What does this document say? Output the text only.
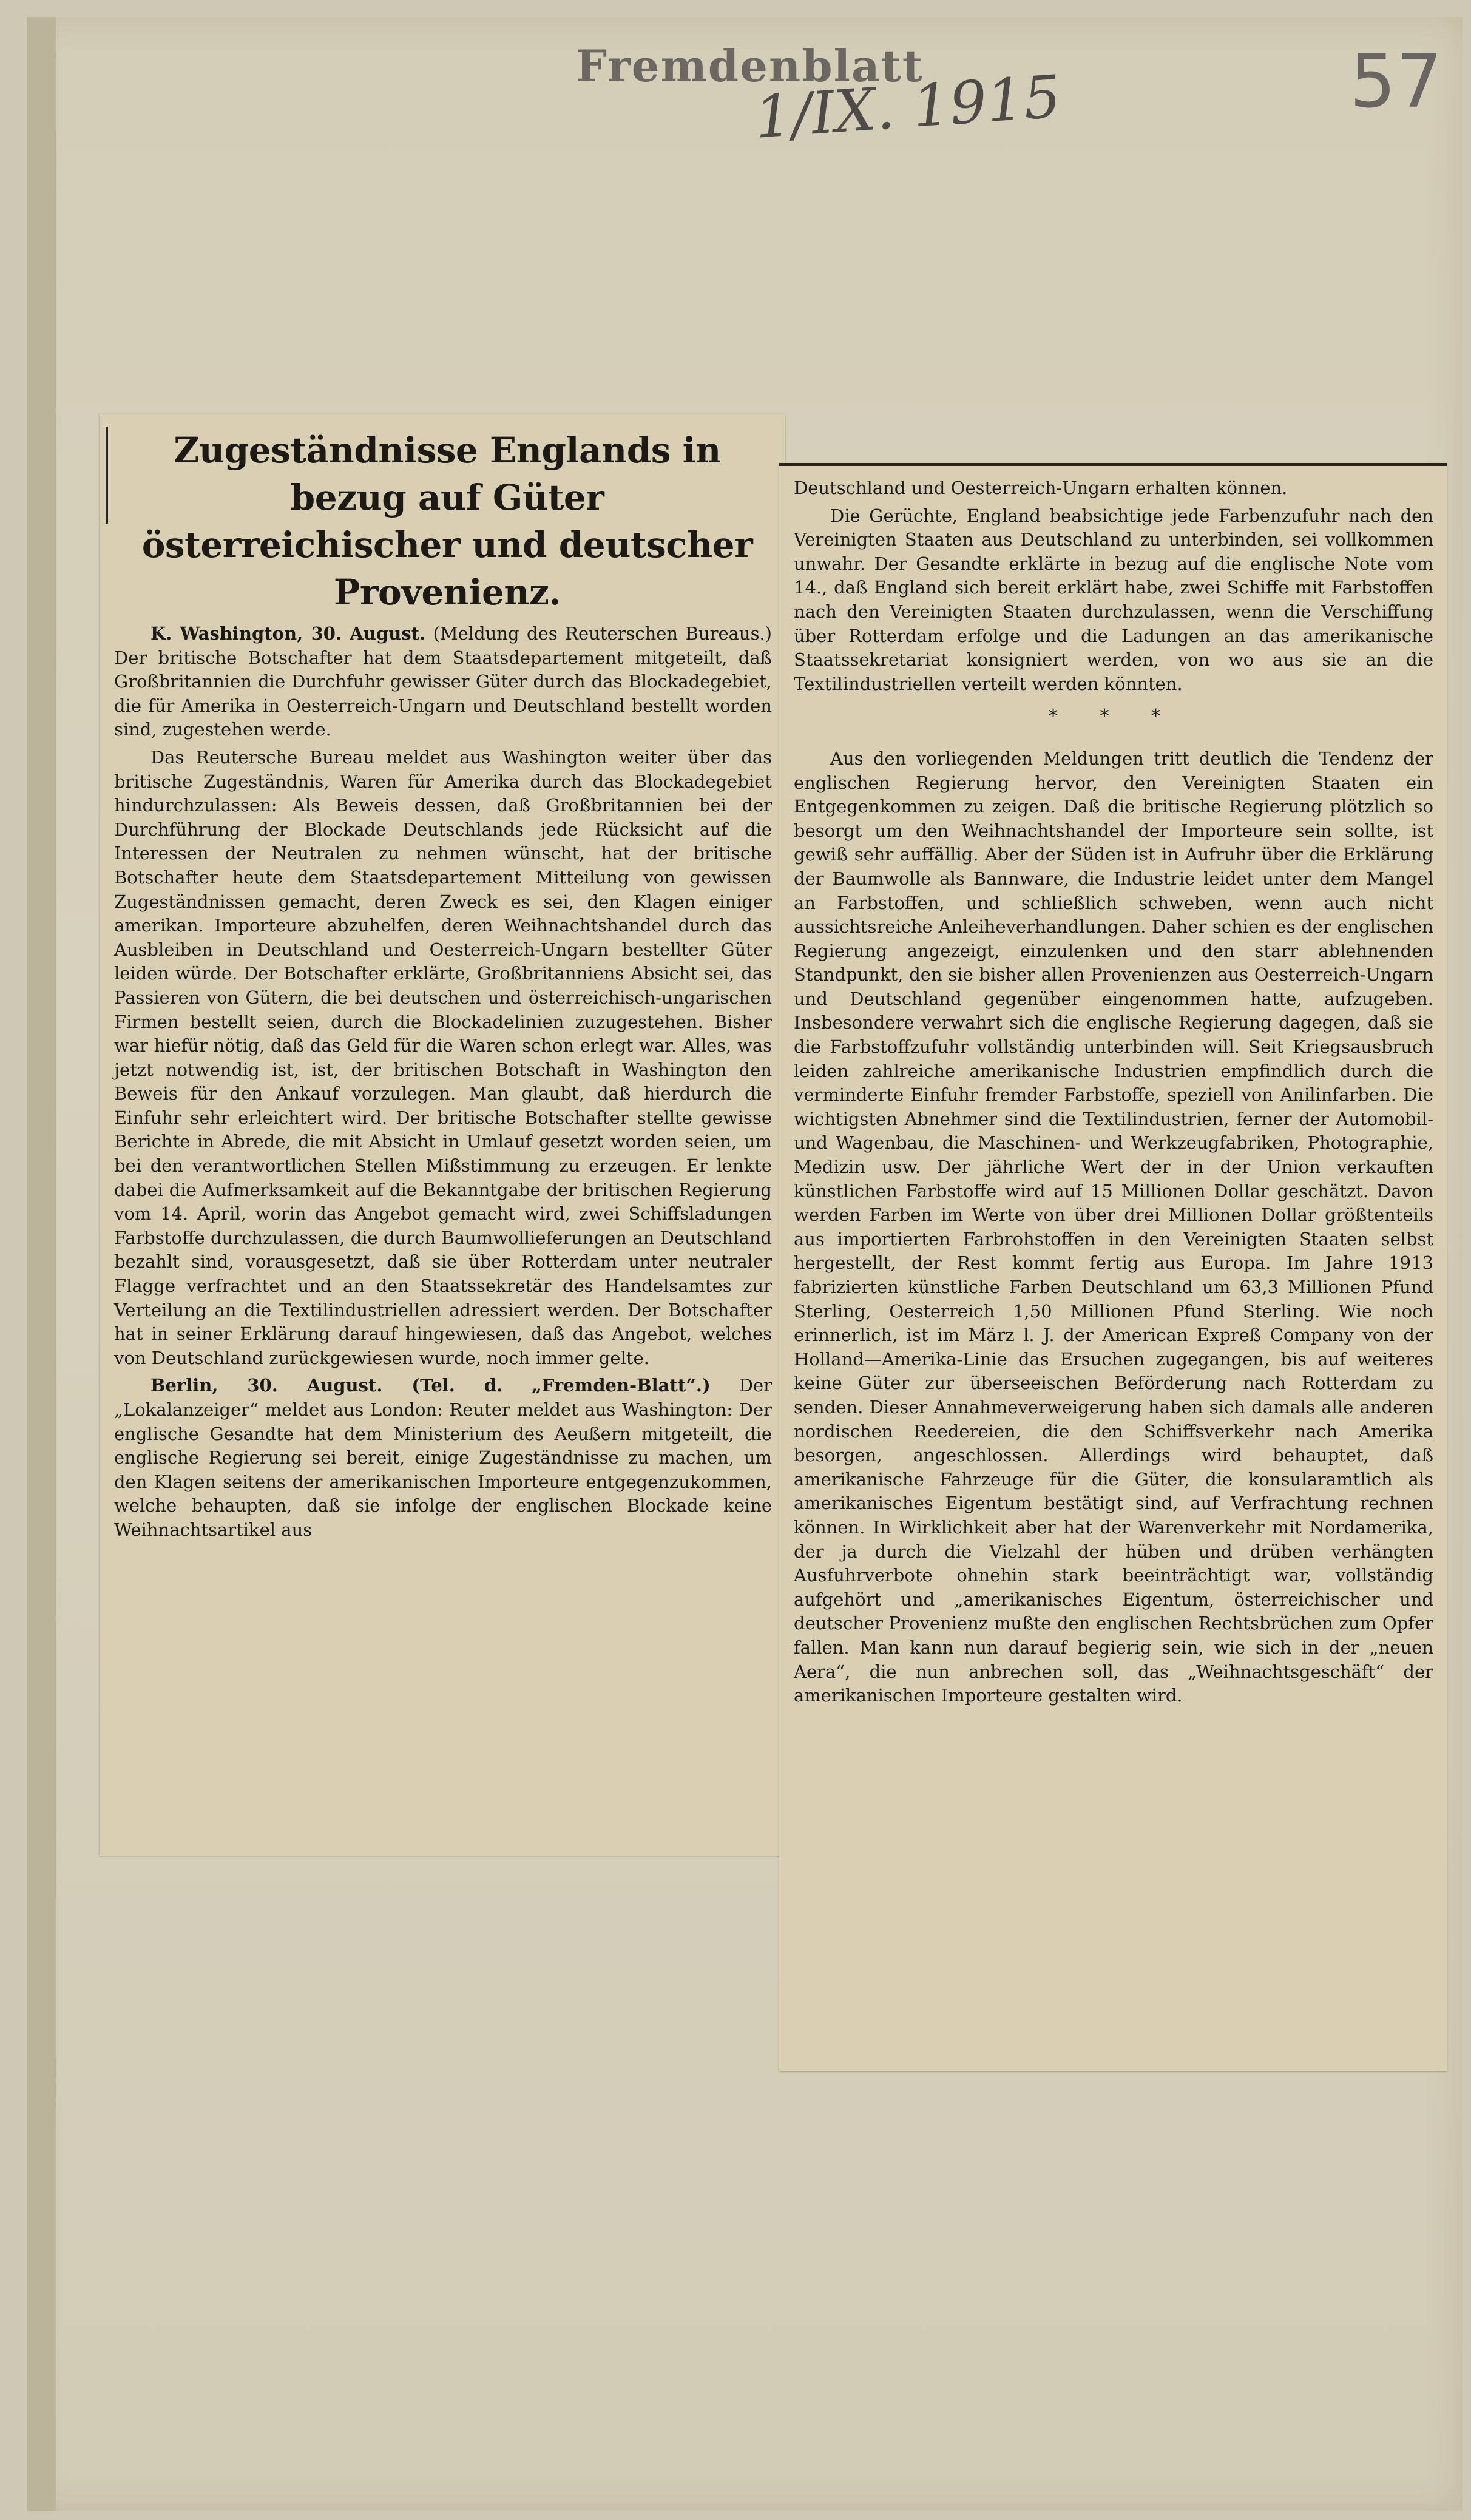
Fremdenblatt
1/IX. 1915	57
Zugeständnisse Englands in bezug auf Güter österreichischer und deutscher Provenienz.

K. Washington, 30. August. (Meldung des Reuterschen Bureaus.) Der britische Botschafter hat dem Staatsdepartement mitgeteilt, daß Großbritannien die Durchfuhr gewisser Güter durch das Blockadegebiet, die für Amerika in Oesterreich-Ungarn und Deutschland bestellt worden sind, zugestehen werde.

Das Reutersche Bureau meldet aus Washington weiter über das britische Zugeständnis, Waren für Amerika durch das Blockadegebiet hindurchzulassen: Als Beweis dessen, daß Großbritannien bei der Durchführung der Blockade Deutschlands jede Rücksicht auf die Interessen der Neutralen zu nehmen wünscht, hat der britische Botschafter heute dem Staatsdepartement Mitteilung von gewissen Zugeständnissen gemacht, deren Zweck es sei, den Klagen einiger amerikan. Importeure abzuhelfen, deren Weihnachtshandel durch das Ausbleiben in Deutschland und Oesterreich-Ungarn bestellter Güter leiden würde. Der Botschafter erklärte, Großbritanniens Absicht sei, das Passieren von Gütern, die bei deutschen und österreichisch-ungarischen Firmen bestellt seien, durch die Blockadelinien zuzugestehen. Bisher war hiefür nötig, daß das Geld für die Waren schon erlegt war. Alles, was jetzt notwendig ist, ist, der britischen Botschaft in Washington den Beweis für den Ankauf vorzulegen. Man glaubt, daß hierdurch die Einfuhr sehr erleichtert wird. Der britische Botschafter stellte gewisse Berichte in Abrede, die mit Absicht in Umlauf gesetzt worden seien, um bei den verantwortlichen Stellen Mißstimmung zu erzeugen. Er lenkte dabei die Aufmerksamkeit auf die Bekanntgabe der britischen Regierung vom 14. April, worin das Angebot gemacht wird, zwei Schiffsladungen Farbstoffe durchzulassen, die durch Baumwollieferungen an Deutschland bezahlt sind, vorausgesetzt, daß sie über Rotterdam unter neutraler Flagge verfrachtet und an den Staatssekretär des Handelsamtes zur Verteilung an die Textilindustriellen adressiert werden. Der Botschafter hat in seiner Erklärung darauf hingewiesen, daß das Angebot, welches von Deutschland zurückgewiesen wurde, noch immer gelte.

Berlin, 30. August. (Tel. d. „Fremden-Blatt“.) Der „Lokalanzeiger“ meldet aus London: Reuter meldet aus Washington: Der englische Gesandte hat dem Ministerium des Aeußern mitgeteilt, die englische Regierung sei bereit, einige Zugeständnisse zu machen, um den Klagen seitens der amerikanischen Importeure entgegenzukommen, welche behaupten, daß sie infolge der englischen Blockade keine Weihnachtsartikel aus

Deutschland und Oesterreich-Ungarn erhalten können.

Die Gerüchte, England beabsichtige jede Farbenzufuhr nach den Vereinigten Staaten aus Deutschland zu unterbinden, sei vollkommen unwahr. Der Gesandte erklärte in bezug auf die englische Note vom 14., daß England sich bereit erklärt habe, zwei Schiffe mit Farbstoffen nach den Vereinigten Staaten durchzulassen, wenn die Verschiffung über Rotterdam erfolge und die Ladungen an das amerikanische Staatssekretariat konsigniert werden, von wo aus sie an die Textilindustriellen verteilt werden könnten.

* * *

Aus den vorliegenden Meldungen tritt deutlich die Tendenz der englischen Regierung hervor, den Vereinigten Staaten ein Entgegenkommen zu zeigen. Daß die britische Regierung plötzlich so besorgt um den Weihnachtshandel der Importeure sein sollte, ist gewiß sehr auffällig. Aber der Süden ist in Aufruhr über die Erklärung der Baumwolle als Bannware, die Industrie leidet unter dem Mangel an Farbstoffen, und schließlich schweben, wenn auch nicht aussichtsreiche Anleiheverhandlungen. Daher schien es der englischen Regierung angezeigt, einzulenken und den starr ablehnenden Standpunkt, den sie bisher allen Provenienzen aus Oesterreich-Ungarn und Deutschland gegenüber eingenommen hatte, aufzugeben. Insbesondere verwahrt sich die englische Regierung dagegen, daß sie die Farbstoffzufuhr vollständig unterbinden will. Seit Kriegsausbruch leiden zahlreiche amerikanische Industrien empfindlich durch die verminderte Einfuhr fremder Farbstoffe, speziell von Anilinfarben. Die wichtigsten Abnehmer sind die Textilindustrien, ferner der Automobil- und Wagenbau, die Maschinen- und Werkzeugfabriken, Photographie, Medizin usw. Der jährliche Wert der in der Union verkauften künstlichen Farbstoffe wird auf 15 Millionen Dollar geschätzt. Davon werden Farben im Werte von über drei Millionen Dollar größtenteils aus importierten Farbrohstoffen in den Vereinigten Staaten selbst hergestellt, der Rest kommt fertig aus Europa. Im Jahre 1913 fabrizierten künstliche Farben Deutschland um 63,3 Millionen Pfund Sterling, Oesterreich 1,50 Millionen Pfund Sterling. Wie noch erinnerlich, ist im März l. J. der American Expreß Company von der Holland—Amerika-Linie das Ersuchen zugegangen, bis auf weiteres keine Güter zur überseeischen Beförderung nach Rotterdam zu senden. Dieser Annahmeverweigerung haben sich damals alle anderen nordischen Reedereien, die den Schiffsverkehr nach Amerika besorgen, angeschlossen. Allerdings wird behauptet, daß amerikanische Fahrzeuge für die Güter, die konsularamtlich als amerikanisches Eigentum bestätigt sind, auf Verfrachtung rechnen können. In Wirklichkeit aber hat der Warenverkehr mit Nordamerika, der ja durch die Vielzahl der hüben und drüben verhängten Ausfuhrverbote ohnehin stark beeinträchtigt war, vollständig aufgehört und „amerikanisches Eigentum, österreichischer und deutscher Provenienz mußte den englischen Rechtsbrüchen zum Opfer fallen. Man kann nun darauf begierig sein, wie sich in der „neuen Aera“, die nun anbrechen soll, das „Weihnachtsgeschäft“ der amerikanischen Importeure gestalten wird.
